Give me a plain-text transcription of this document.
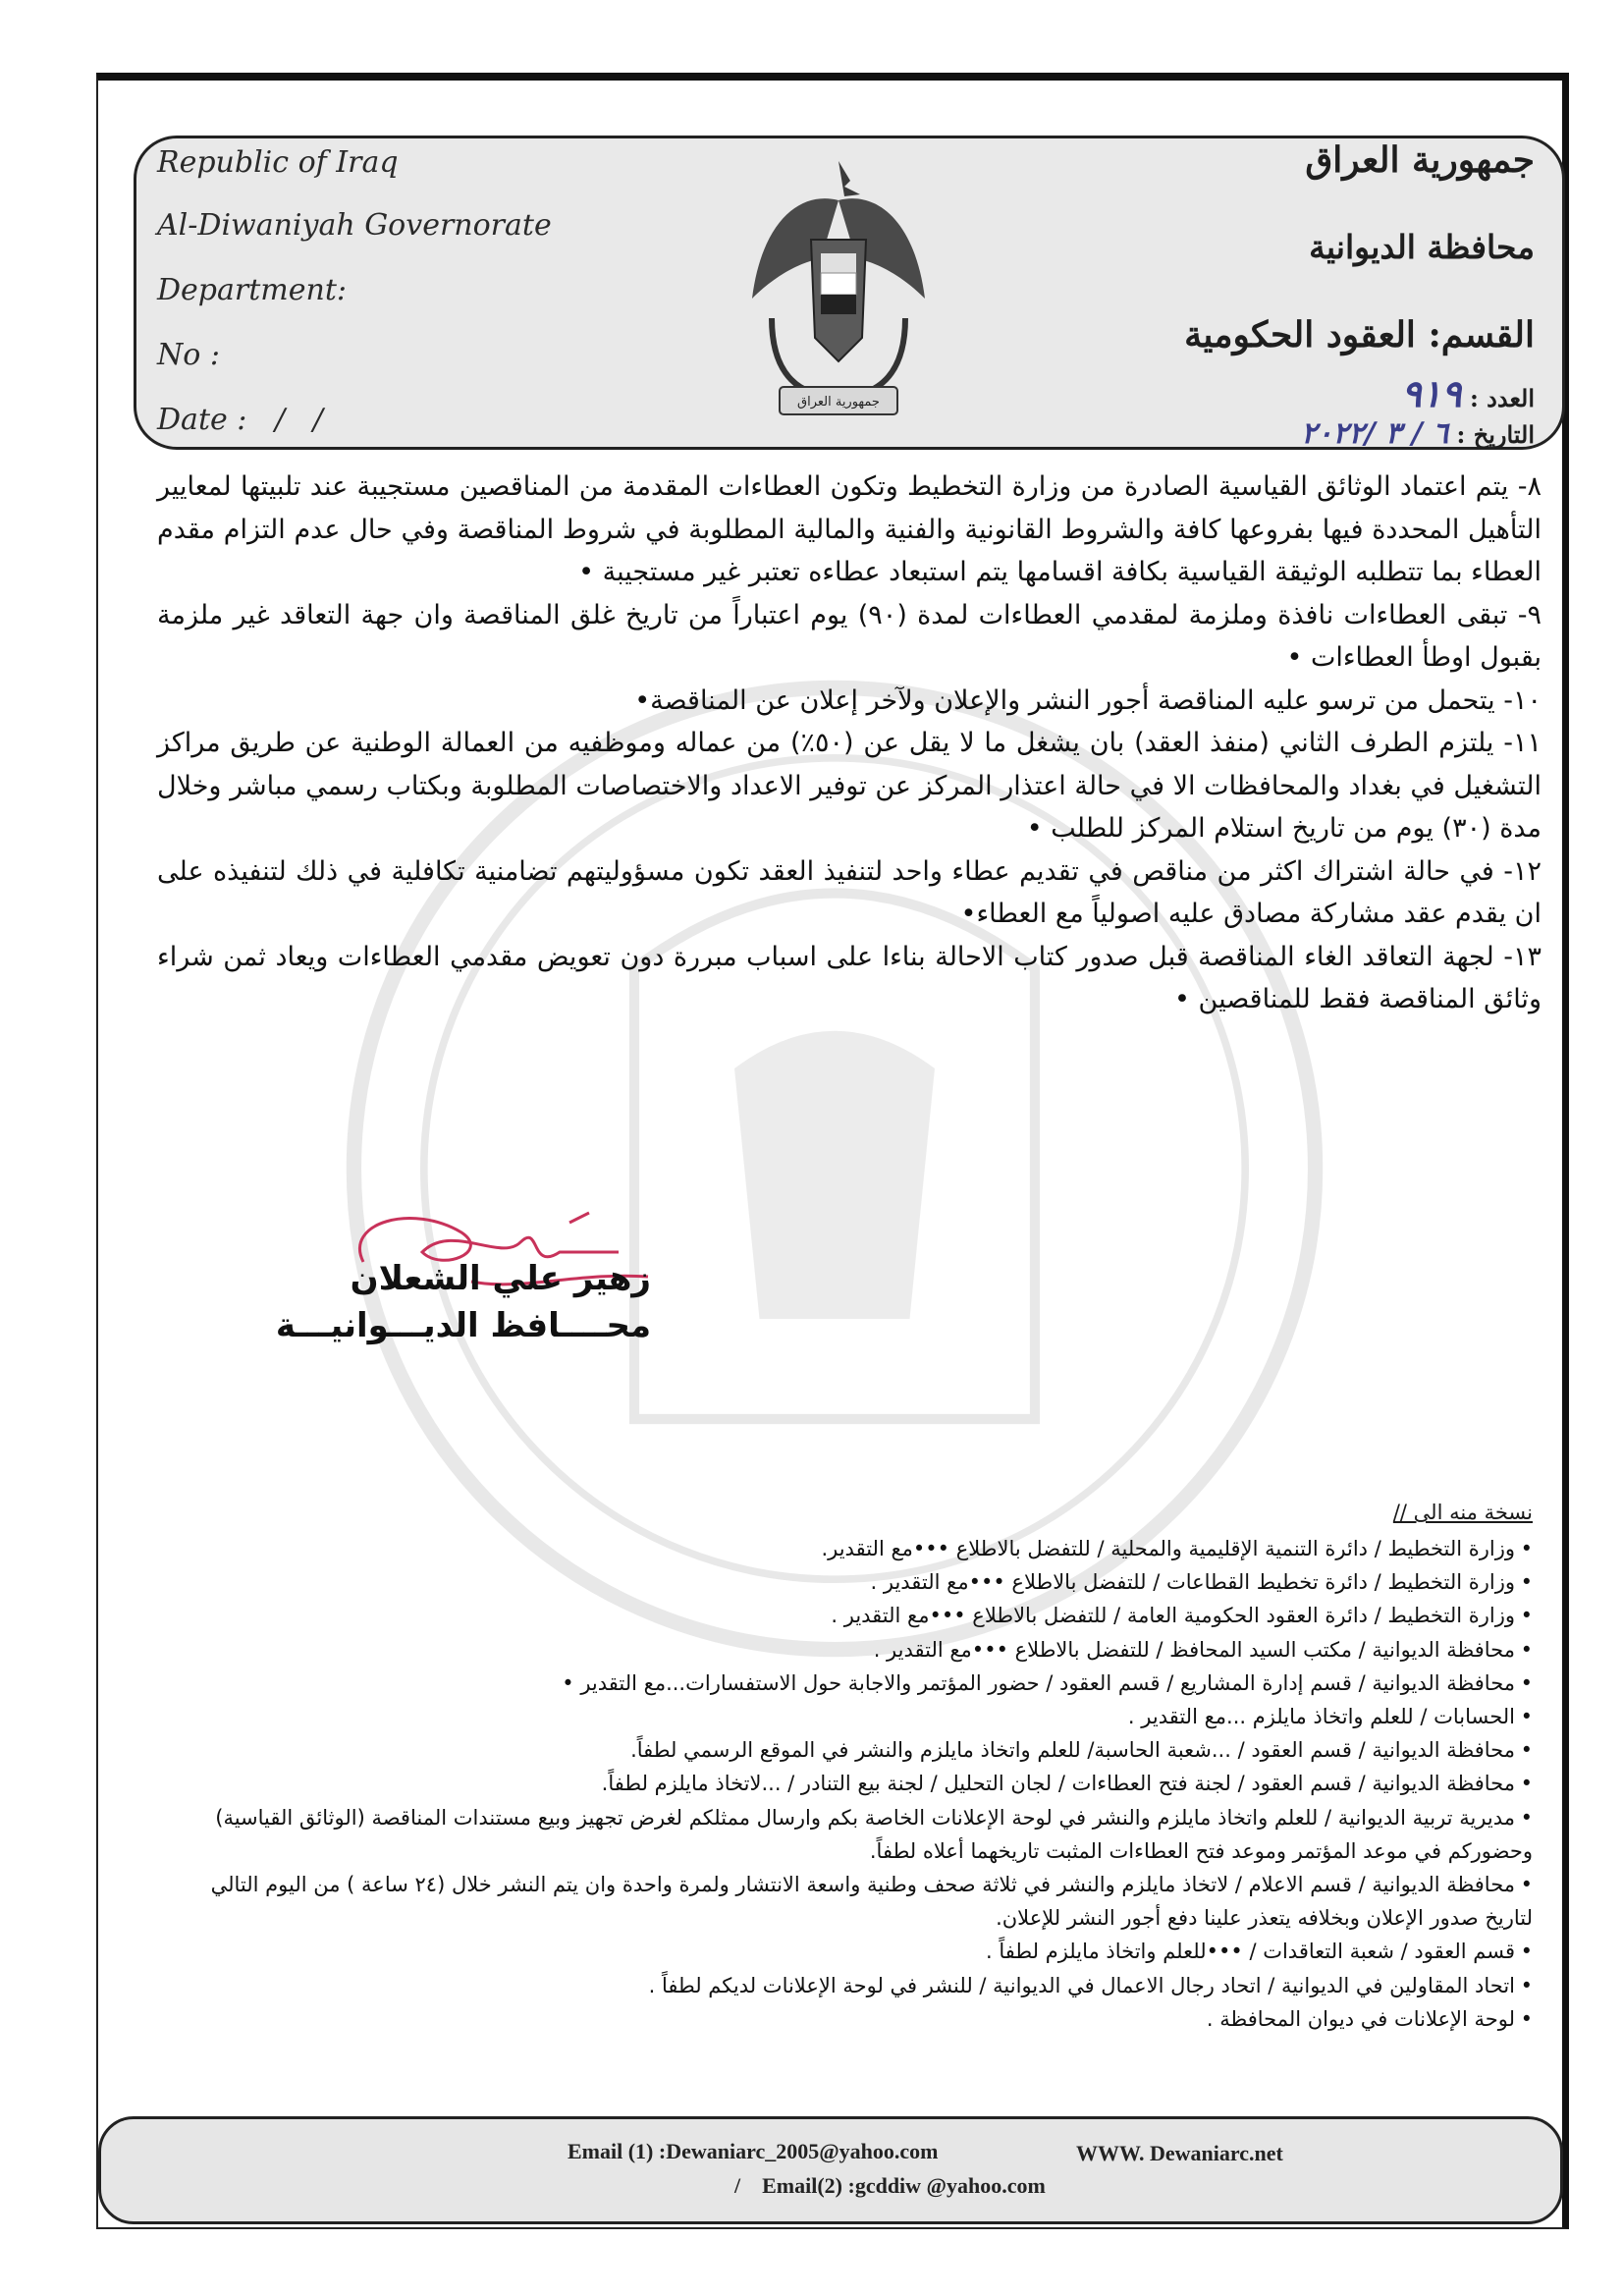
Republic of Iraq

Al-Diwaniyah Governorate

Department:

No :

Date :   /   /

جمهورية العراق

جمهورية العراق

محافظة الديوانية

القسم: العقود الحكومية

العدد : ٩١٩

التاريخ : ٦ / ٣ /٢٠٢٢

٨- يتم اعتماد الوثائق القياسية الصادرة من وزارة التخطيط وتكون العطاءات المقدمة من المناقصين مستجيبة عند تلبيتها لمعايير التأهيل المحددة فيها بفروعها كافة والشروط القانونية والفنية والمالية المطلوبة في شروط المناقصة وفي حال عدم التزام مقدم العطاء بما تتطلبه الوثيقة القياسية بكافة اقسامها يتم استبعاد عطاءه تعتبر غير مستجيبة •

٩- تبقى العطاءات نافذة وملزمة لمقدمي العطاءات لمدة (٩٠) يوم اعتباراً من تاريخ غلق المناقصة وان جهة التعاقد غير ملزمة بقبول اوطأ العطاءات •

١٠- يتحمل من ترسو عليه المناقصة أجور النشر والإعلان ولآخر إعلان عن المناقصة•

١١- يلتزم الطرف الثاني (منفذ العقد) بان يشغل ما لا يقل عن (٥٠٪) من عماله وموظفيه من العمالة الوطنية عن طريق مراكز التشغيل في بغداد والمحافظات الا في حالة اعتذار المركز عن توفير الاعداد والاختصاصات المطلوبة وبكتاب رسمي مباشر وخلال مدة (٣٠) يوم من تاريخ استلام المركز للطلب •

١٢- في حالة اشتراك اكثر من مناقص في تقديم عطاء واحد لتنفيذ العقد تكون مسؤوليتهم تضامنية تكافلية في ذلك لتنفيذه على ان يقدم عقد مشاركة مصادق عليه اصولياً مع العطاء•

١٣- لجهة التعاقد الغاء المناقصة قبل صدور كتاب الاحالة بناءا على اسباب مبررة دون تعويض مقدمي العطاءات ويعاد ثمن شراء وثائق المناقصة فقط للمناقصين •

زهير علي الشعلان

محــــافظ الديـــوانيـــة

نسخة منه الى //

•وزارة التخطيط / دائرة التنمية الإقليمية والمحلية / للتفضل بالاطلاع •••مع التقدير.
•وزارة التخطيط / دائرة تخطيط القطاعات / للتفضل بالاطلاع •••مع التقدير .
•وزارة التخطيط / دائرة العقود الحكومية العامة / للتفضل بالاطلاع •••مع التقدير .
•محافظة الديوانية / مكتب السيد المحافظ / للتفضل بالاطلاع •••مع التقدير .
•محافظة الديوانية / قسم إدارة المشاريع / قسم العقود / حضور المؤتمر والاجابة حول الاستفسارات...مع التقدير •
•الحسابات / للعلم واتخاذ مايلزم ...مع التقدير .
•محافظة الديوانية / قسم العقود / ...شعبة الحاسبة/ للعلم واتخاذ مايلزم والنشر في الموقع الرسمي لطفاً.
•محافظة الديوانية / قسم العقود / لجنة فتح العطاءات / لجان التحليل / لجنة بيع التنادر / ...لاتخاذ مايلزم لطفاً.
•مديرية تربية الديوانية / للعلم واتخاذ مايلزم والنشر في لوحة الإعلانات الخاصة بكم وارسال ممثلكم لغرض تجهيز وبيع مستندات المناقصة (الوثائق القياسية) وحضوركم في موعد المؤتمر وموعد فتح العطاءات المثبت تاريخهما أعلاه لطفاً.
•محافظة الديوانية / قسم الاعلام / لاتخاذ مايلزم والنشر في ثلاثة صحف وطنية واسعة الانتشار ولمرة واحدة وان يتم النشر خلال (٢٤ ساعة ) من اليوم التالي لتاريخ صدور الإعلان وبخلافه يتعذر علينا دفع أجور النشر للإعلان.
•قسم العقود / شعبة التعاقدات / •••للعلم واتخاذ مايلزم لطفاً .
•اتحاد المقاولين في الديوانية / اتحاد رجال الاعمال في الديوانية / للنشر في لوحة الإعلانات لديكم لطفاً .
•لوحة الإعلانات في ديوان المحافظة .

Email (1) :Dewaniarc_2005@yahoo.com	WWW. Dewaniarc.net

/    Email(2) :gcddiw @yahoo.com
